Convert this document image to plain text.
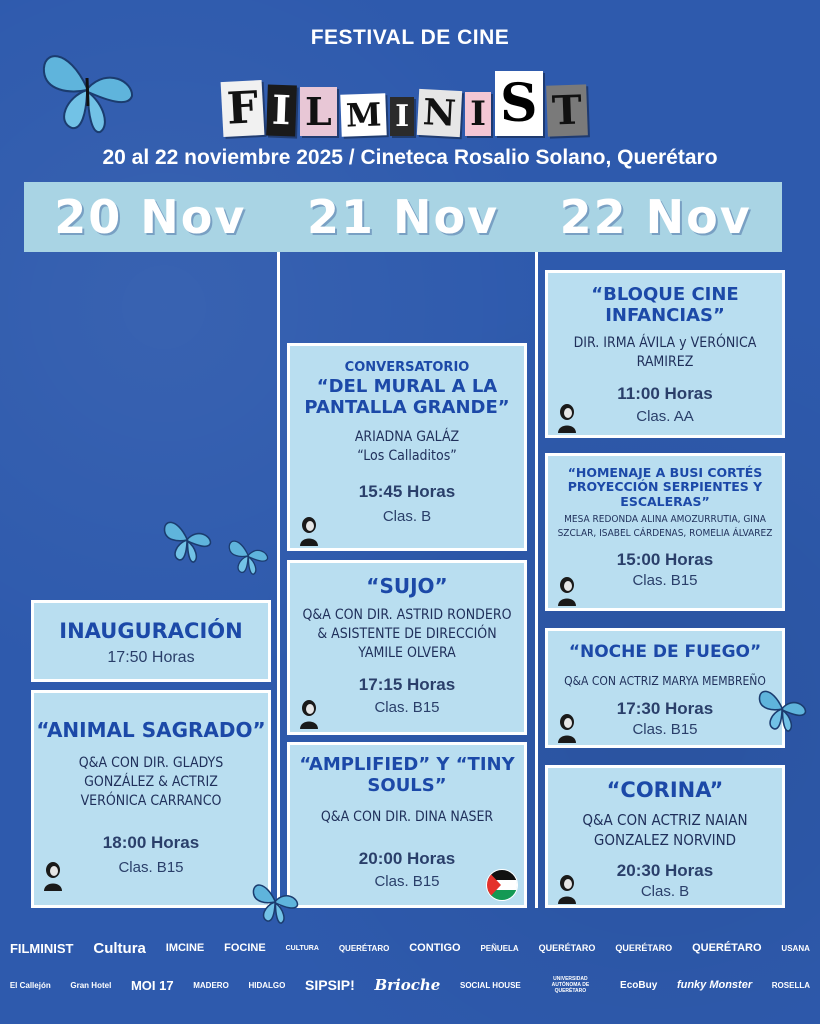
FESTIVAL DE CINE
F I L M I N I S T
20 al 22 noviembre 2025 / Cineteca Rosalio Solano, Querétaro
20 Nov	21 Nov	22 Nov
INAUGURACIÓN
17:50 Horas
“ANIMAL SAGRADO”
Q&A CON DIR. GLADYS
GONZÁLEZ & ACTRIZ
VERÓNICA CARRANCO
18:00 Horas
Clas. B15
CONVERSATORIO
“DEL MURAL A LA
PANTALLA GRANDE”
ARIADNA GALÁZ
“Los Calladitos”
15:45 Horas
Clas. B
“SUJO”
Q&A CON DIR. ASTRID RONDERO
& ASISTENTE DE DIRECCIÓN
YAMILE OLVERA
17:15 Horas
Clas. B15
“AMPLIFIED” Y “TINY
SOULS”
Q&A CON DIR. DINA NASER
20:00 Horas
Clas. B15
“BLOQUE CINE
INFANCIAS”
DIR. IRMA ÁVILA y VERÓNICA
RAMIREZ
11:00 Horas
Clas. AA
“HOMENAJE A BUSI CORTÉS
PROYECCIÓN SERPIENTES Y
ESCALERAS”
MESA REDONDA ALINA AMOZURRUTIA, GINA
SZCLAR, ISABEL CÁRDENAS, ROMELIA ÁLVAREZ
15:00 Horas
Clas. B15
“NOCHE DE FUEGO”
Q&A CON ACTRIZ MARYA MEMBREÑO
17:30 Horas
Clas. B15
“CORINA”
Q&A CON ACTRIZ NAIAN
GONZALEZ NORVIND
20:30 Horas
Clas. B
FILMINIST Cultura IMCINE FOCINE	CULTURA QUERÉTARO CONTIGO PEÑUELA QUERÉTARO QUERÉTARO QUERÉTARO USANA
El Callejón Gran Hotel MOI 17 MADERO HIDALGO SIPSIP! Brioche SOCIAL HOUSE
UNIVERSIDAD AUTÓNOMA DE QUERÉTARO
EcoBuy funky Monster ROSELLA
